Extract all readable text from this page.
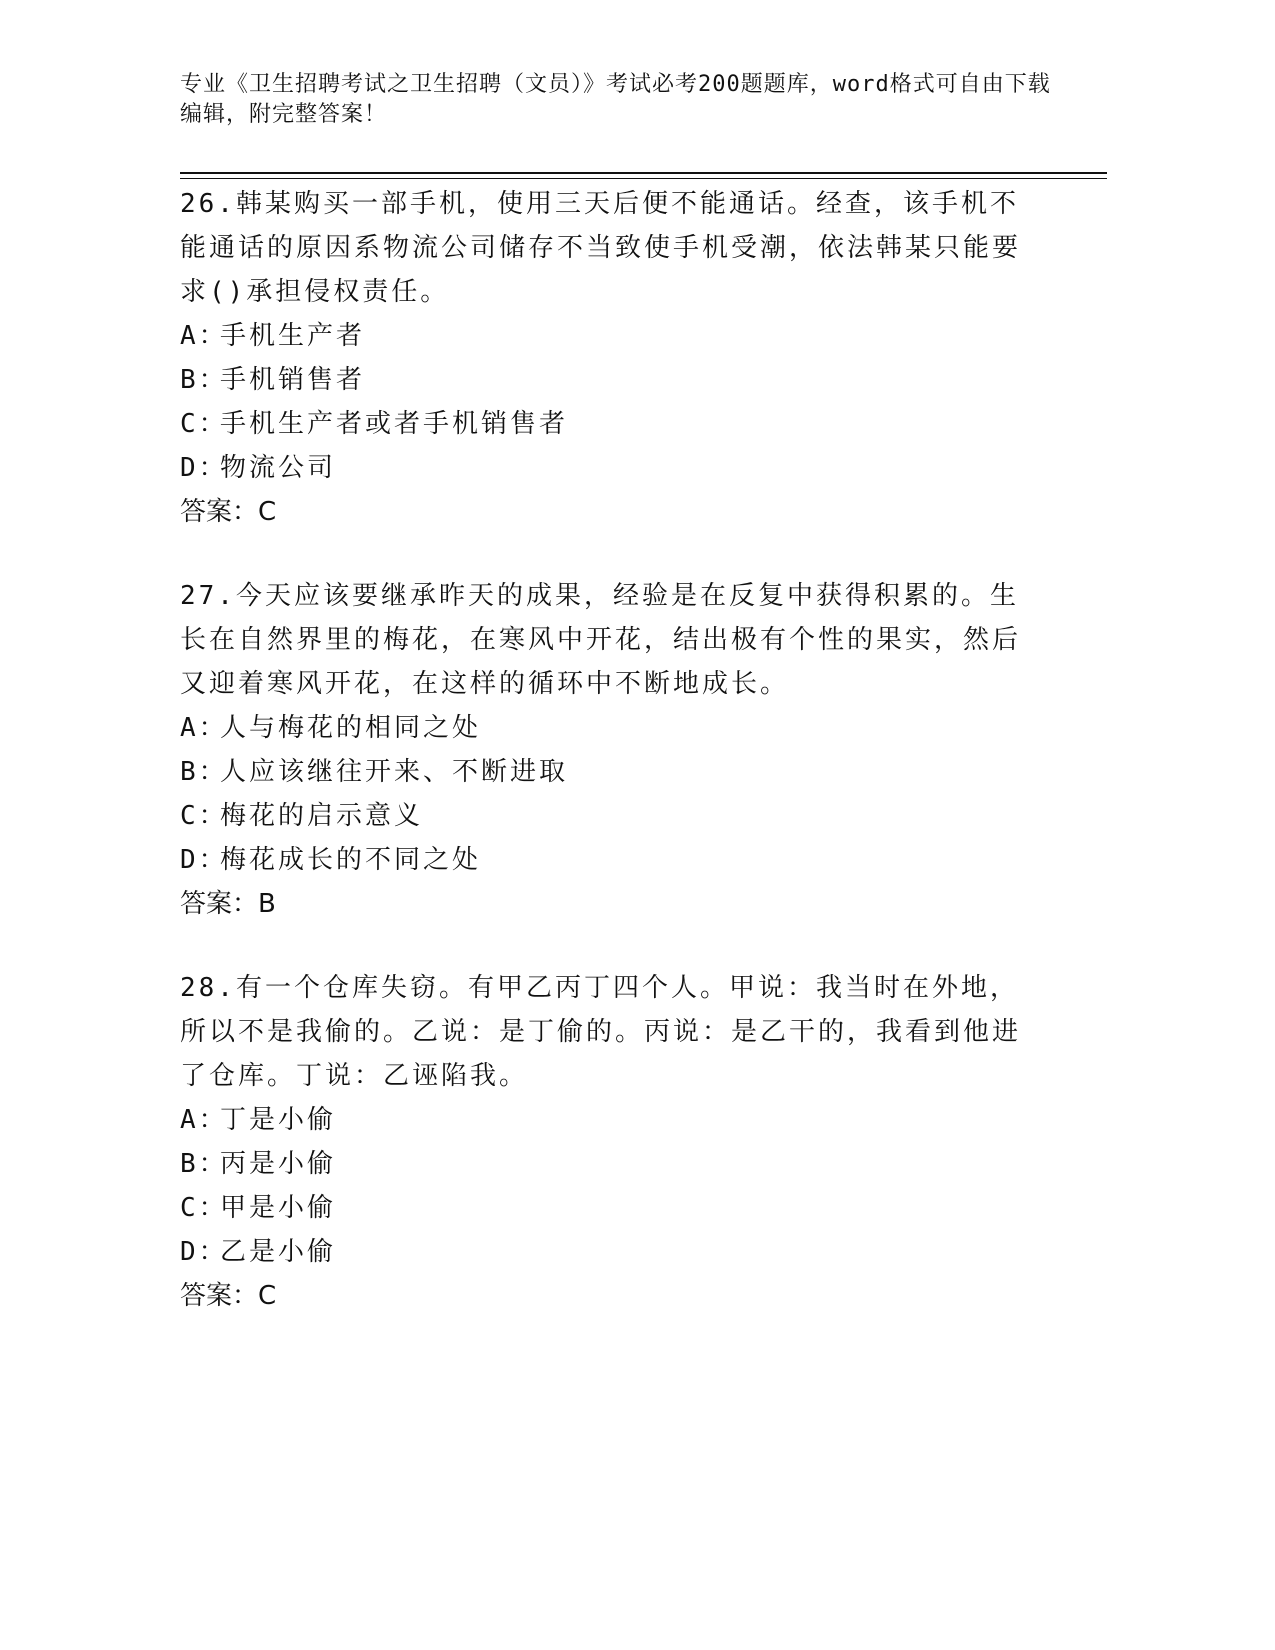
专业《卫生招聘考试之卫生招聘（文员）》考试必考200题题库，word格式可自由下载编辑，附完整答案！

26.韩某购买一部手机，使用三天后便不能通话。经查，该手机不能通话的原因系物流公司储存不当致使手机受潮，依法韩某只能要求()承担侵权责任。

A：手机生产者

B：手机销售者

C：手机生产者或者手机销售者

D：物流公司

答案：C

27.今天应该要继承昨天的成果，经验是在反复中获得积累的。生长在自然界里的梅花，在寒风中开花，结出极有个性的果实，然后又迎着寒风开花，在这样的循环中不断地成长。

A：人与梅花的相同之处

B：人应该继往开来、不断进取

C：梅花的启示意义

D：梅花成长的不同之处

答案：B

28.有一个仓库失窃。有甲乙丙丁四个人。甲说：我当时在外地，所以不是我偷的。乙说：是丁偷的。丙说：是乙干的，我看到他进了仓库。丁说：乙诬陷我。

A：丁是小偷

B：丙是小偷

C：甲是小偷

D：乙是小偷

答案：C
